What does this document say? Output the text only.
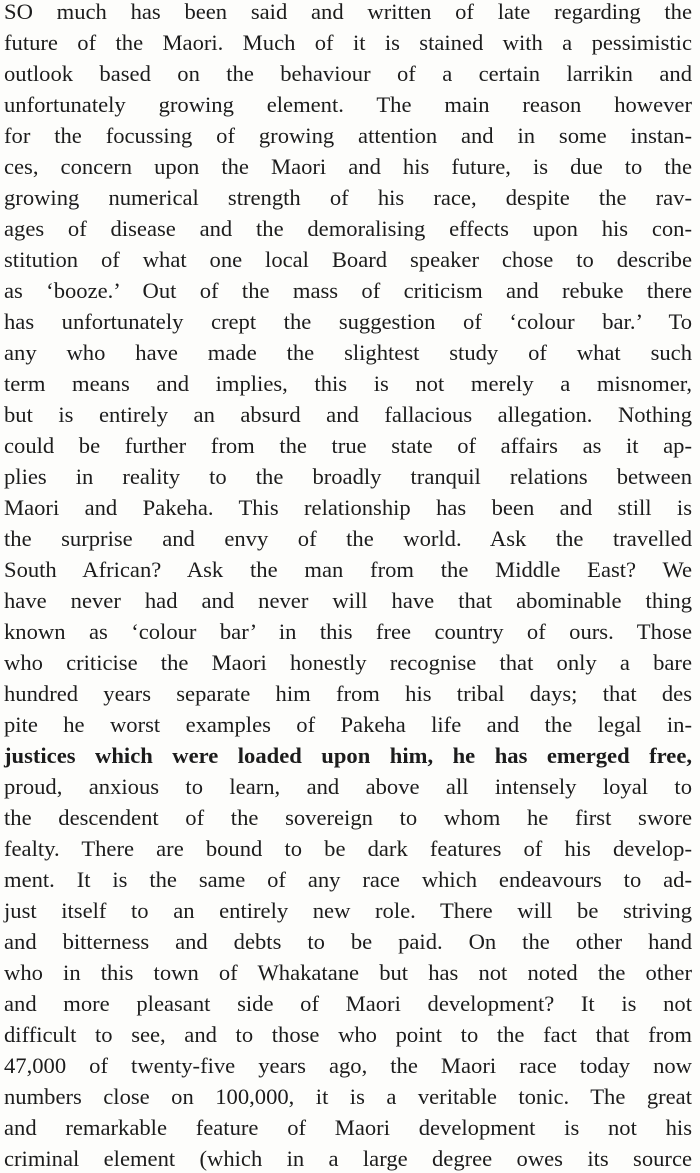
SO much has been said and written of late regarding the
future of the Maori. Much of it is stained with a pessimistic
outlook based on the behaviour of a certain larrikin and
unfortunately growing element. The main reason however
for the focussing of growing attention and in some instan-
ces, concern upon the Maori and his future, is due to the
growing numerical strength of his race, despite the rav-
ages of disease and the demoralising effects upon his con-
stitution of what one local Board speaker chose to describe
as ‘booze.’ Out of the mass of criticism and rebuke there
has unfortunately crept the suggestion of ‘colour bar.’ To
any who have made the slightest study of what such
term means and implies, this is not merely a misnomer,
but is entirely an absurd and fallacious allegation. Nothing
could be further from the true state of affairs as it ap-
plies in reality to the broadly tranquil relations between
Maori and Pakeha. This relationship has been and still is
the surprise and envy of the world. Ask the travelled
South African? Ask the man from the Middle East? We
have never had and never will have that abominable thing
known as ‘colour bar’ in this free country of ours. Those
who criticise the Maori honestly recognise that only a bare
hundred years separate him from his tribal days; that des
pite he worst examples of Pakeha life and the legal in-
justices which were loaded upon him, he has emerged free,
proud, anxious to learn, and above all intensely loyal to
the descendent of the sovereign to whom he first swore
fealty. There are bound to be dark features of his develop-
ment. It is the same of any race which endeavours to ad-
just itself to an entirely new role. There will be striving
and bitterness and debts to be paid. On the other hand
who in this town of Whakatane but has not noted the other
and more pleasant side of Maori development? It is not
difficult to see, and to those who point to the fact that from
47,000 of twenty-five years ago, the Maori race today now
numbers close on 100,000, it is a veritable tonic. The great
and remarkable feature of Maori development is not his
criminal element (which in a large degree owes its source
